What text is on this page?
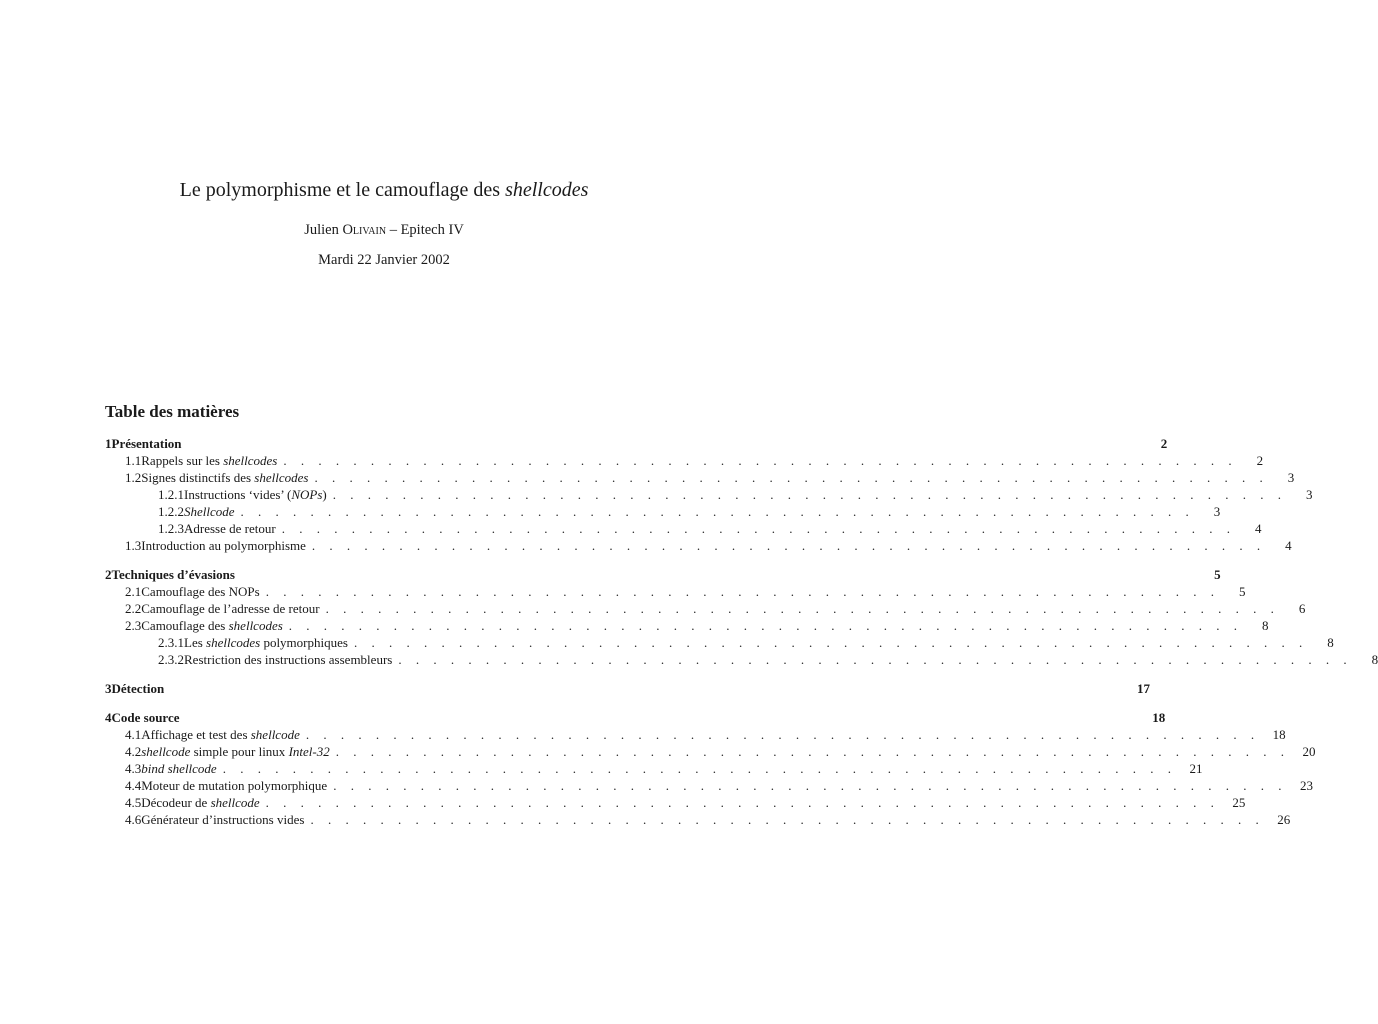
Le polymorphisme et le camouflage des shellcodes
Julien Olivain – Epitech IV
Mardi 22 Janvier 2002
Table des matières
1 Présentation	2
1.1 Rappels sur les shellcodes . . . . . . . . . . . . . . . . . . . . . . . . . . . . . . . . . . . . . . . . . . . . . . . . . . . . . . .	2
1.2 Signes distinctifs des shellcodes . . . . . . . . . . . . . . . . . . . . . . . . . . . . . . . . . . . . . . . . . . . . . . . . . . . . . . .	3
1.2.1 Instructions ‘vides’ (NOPs) . . . . . . . . . . . . . . . . . . . . . . . . . . . . . . . . . . . . . . . . . . . . . . . . . . . . . . .	3
1.2.2 Shellcode . . . . . . . . . . . . . . . . . . . . . . . . . . . . . . . . . . . . . . . . . . . . . . . . . . . . . . .	3
1.2.3 Adresse de retour . . . . . . . . . . . . . . . . . . . . . . . . . . . . . . . . . . . . . . . . . . . . . . . . . . . . . . .	4
1.3 Introduction au polymorphisme . . . . . . . . . . . . . . . . . . . . . . . . . . . . . . . . . . . . . . . . . . . . . . . . . . . . . . .	4
2 Techniques d’évasions	5
2.1 Camouflage des NOPs . . . . . . . . . . . . . . . . . . . . . . . . . . . . . . . . . . . . . . . . . . . . . . . . . . . . . . .	5
2.2 Camouflage de l’adresse de retour . . . . . . . . . . . . . . . . . . . . . . . . . . . . . . . . . . . . . . . . . . . . . . . . . . . . . . .	6
2.3 Camouflage des shellcodes . . . . . . . . . . . . . . . . . . . . . . . . . . . . . . . . . . . . . . . . . . . . . . . . . . . . . . .	8
2.3.1 Les shellcodes polymorphiques . . . . . . . . . . . . . . . . . . . . . . . . . . . . . . . . . . . . . . . . . . . . . . . . . . . . . . .	8
2.3.2 Restriction des instructions assembleurs . . . . . . . . . . . . . . . . . . . . . . . . . . . . . . . . . . . . . . . . . . . . . . . . . . . . . . .	8
3 Détection	17
4 Code source	18
4.1 Affichage et test des shellcode . . . . . . . . . . . . . . . . . . . . . . . . . . . . . . . . . . . . . . . . . . . . . . . . . . . . . . .	18
4.2 shellcode simple pour linux Intel-32 . . . . . . . . . . . . . . . . . . . . . . . . . . . . . . . . . . . . . . . . . . . . . . . . . . . . . . .	20
4.3 bind shellcode . . . . . . . . . . . . . . . . . . . . . . . . . . . . . . . . . . . . . . . . . . . . . . . . . . . . . . .	21
4.4 Moteur de mutation polymorphique . . . . . . . . . . . . . . . . . . . . . . . . . . . . . . . . . . . . . . . . . . . . . . . . . . . . . . .	23
4.5 Décodeur de shellcode . . . . . . . . . . . . . . . . . . . . . . . . . . . . . . . . . . . . . . . . . . . . . . . . . . . . . . .	25
4.6 Générateur d’instructions vides . . . . . . . . . . . . . . . . . . . . . . . . . . . . . . . . . . . . . . . . . . . . . . . . . . . . . . .	26
